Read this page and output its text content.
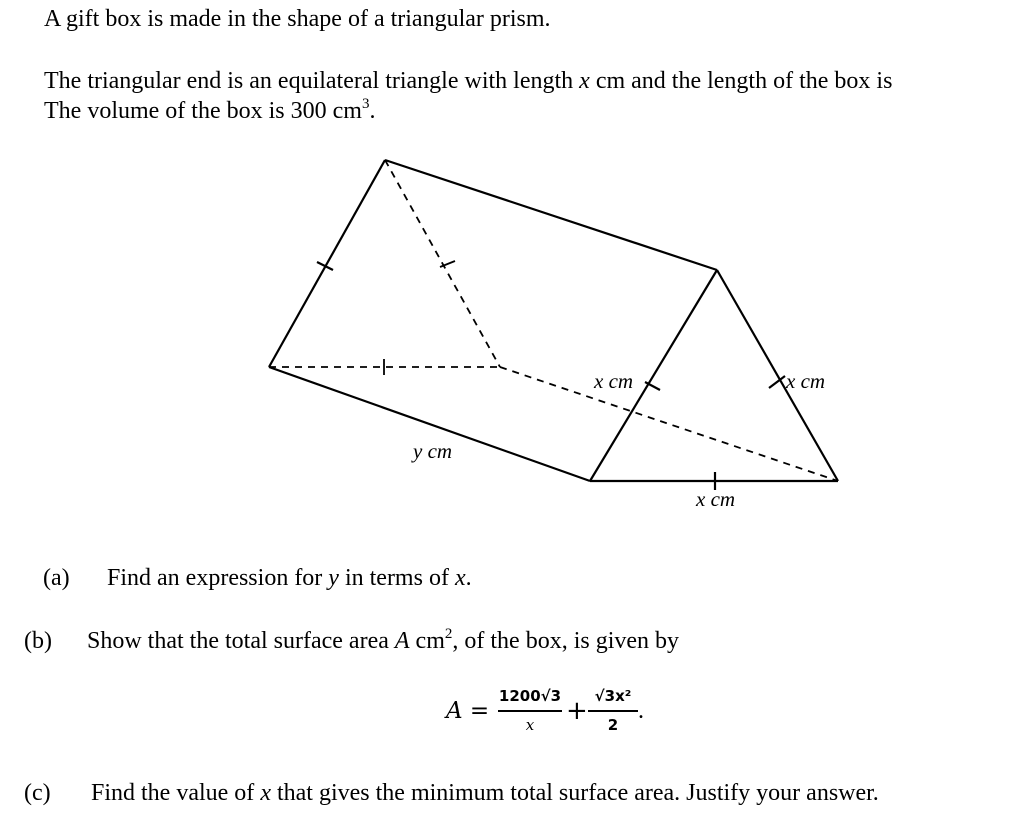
A gift box is made in the shape of a triangular prism.
The triangular end is an equilateral triangle with length x cm and the length of the box is
The volume of the box is 300 $cm^3$.
y cm
x cm	x cm
x cm
(a) Find an expression for y in terms of x.
(b) Show that the total surface area A $cm^2$, of the box, is given by
A =
1200√3
x	+ √3x²
2
.
(c) Find the value of x that gives the minimum total surface area. Justify your answer.
